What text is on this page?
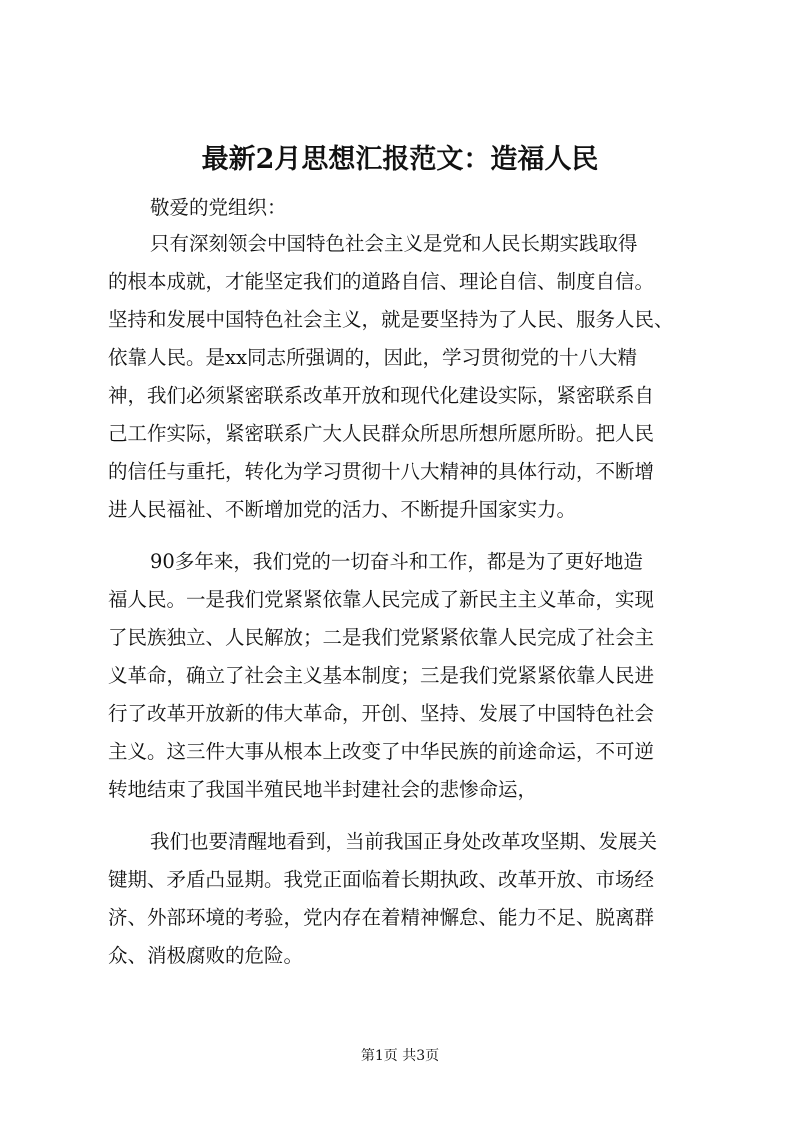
最新2月思想汇报范文：造福人民
敬爱的党组织：
只有深刻领会中国特色社会主义是党和人民长期实践取得
的根本成就，才能坚定我们的道路自信、理论自信、制度自信。
坚持和发展中国特色社会主义，就是要坚持为了人民、服务人民、
依靠人民。是xx同志所强调的，因此，学习贯彻党的十八大精
神，我们必须紧密联系改革开放和现代化建设实际，紧密联系自
己工作实际，紧密联系广大人民群众所思所想所愿所盼。把人民
的信任与重托，转化为学习贯彻十八大精神的具体行动，不断增
进人民福祉、不断增加党的活力、不断提升国家实力。
90多年来，我们党的一切奋斗和工作，都是为了更好地造
福人民。一是我们党紧紧依靠人民完成了新民主主义革命，实现
了民族独立、人民解放；二是我们党紧紧依靠人民完成了社会主
义革命，确立了社会主义基本制度；三是我们党紧紧依靠人民进
行了改革开放新的伟大革命，开创、坚持、发展了中国特色社会
主义。这三件大事从根本上改变了中华民族的前途命运，不可逆
转地结束了我国半殖民地半封建社会的悲惨命运，
我们也要清醒地看到，当前我国正身处改革攻坚期、发展关
键期、矛盾凸显期。我党正面临着长期执政、改革开放、市场经
济、外部环境的考验，党内存在着精神懈怠、能力不足、脱离群
众、消极腐败的危险。
第1页 共3页
